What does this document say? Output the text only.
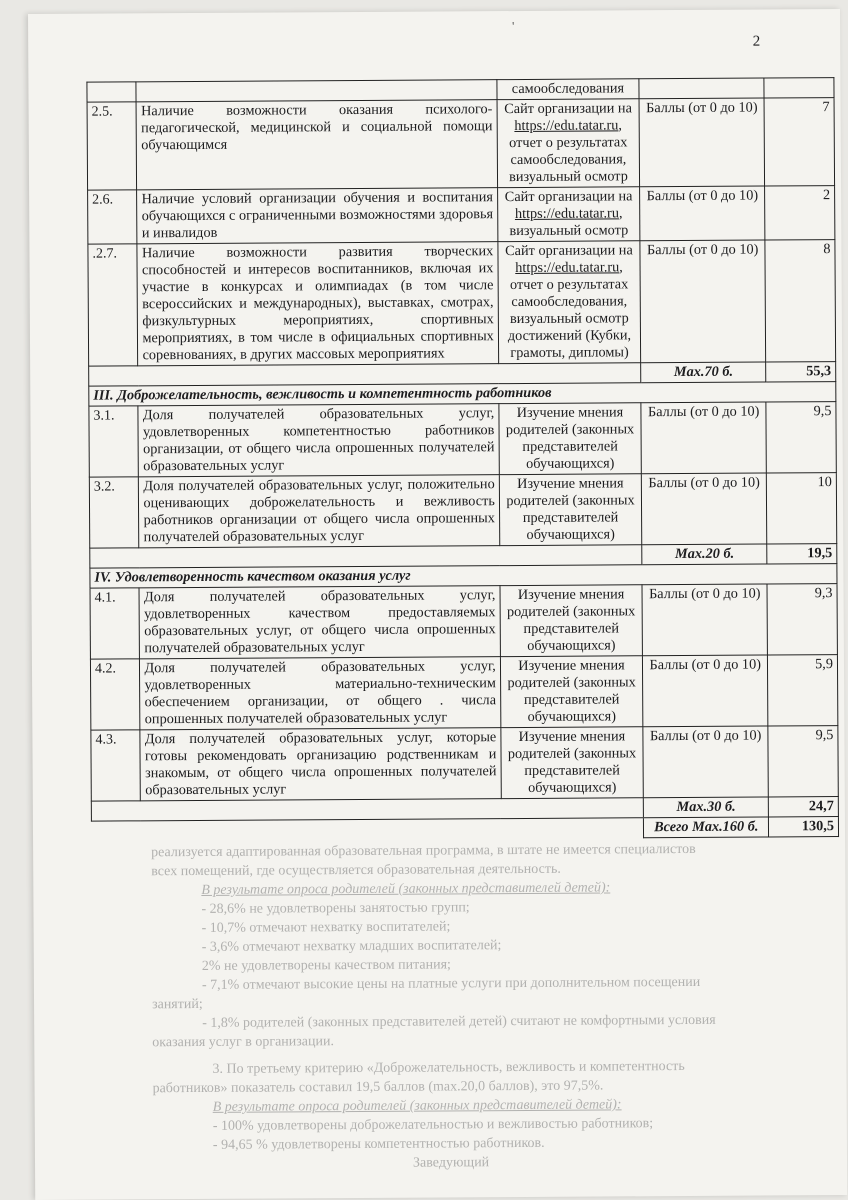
2
'
		самообследования		
2.5.	Наличие возможности оказания психолого-педагогической, медицинской и социальной помощи обучающимся	Сайт организации на https://edu.tatar.ru, отчет о результатах самообследования, визуальный осмотр	Баллы (от 0 до 10)	7
2.6.	Наличие условий организации обучения и воспитания обучающихся с ограниченными возможностями здоровья и инвалидов	Сайт организации на https://edu.tatar.ru, визуальный осмотр	Баллы (от 0 до 10)	2
.2.7.	Наличие возможности развития творческих способностей и интересов воспитанников, включая их участие в конкурсах и олимпиадах (в том числе всероссийских и международных), выставках, смотрах, физкультурных мероприятиях, спортивных мероприятиях, в том числе в официальных спортивных соревнованиях, в других массовых мероприятиях	Сайт организации на https://edu.tatar.ru, отчет о результатах самообследования, визуальный осмотр достижений (Кубки, грамоты, дипломы)	Баллы (от 0 до 10)	8
			Max.70 б.	55,3
III. Доброжелательность, вежливость и компетентность работников				
3.1.	Доля получателей образовательных услуг, удовлетворенных компетентностью работников организации, от общего числа опрошенных получателей образовательных услуг	Изучение мнения родителей (законных представителей обучающихся)	Баллы (от 0 до 10)	9,5
3.2.	Доля получателей образовательных услуг, положительно оценивающих доброжелательность и вежливость работников организации от общего числа опрошенных получателей образовательных услуг	Изучение мнения родителей (законных представителей обучающихся)	Баллы (от 0 до 10)	10
			Max.20 б.	19,5
IV. Удовлетворенность качеством оказания услуг				
4.1.	Доля получателей образовательных услуг, удовлетворенных качеством предоставляемых образовательных услуг, от общего числа опрошенных получателей образовательных услуг	Изучение мнения родителей (законных представителей обучающихся)	Баллы (от 0 до 10)	9,3
4.2.	Доля получателей образовательных услуг, удовлетворенных материально-техническим обеспечением организации, от общего . числа опрошенных получателей образовательных услуг	Изучение мнения родителей (законных представителей обучающихся)	Баллы (от 0 до 10)	5,9
4.3.	Доля получателей образовательных услуг, которые готовы рекомендовать организацию родственникам и знакомым, от общего числа опрошенных получателей образовательных услуг	Изучение мнения родителей (законных представителей обучающихся)	Баллы (от 0 до 10)	9,5
			Max.30 б.	24,7
			Всего Max.160 б.	130,5

реализуется адаптированная образовательная программа, в штате не имеется специалистов

всех помещений, где осуществляется образовательная деятельность.

В результате опроса родителей (законных представителей детей):

- 28,6% не удовлетворены занятостью групп;

- 10,7% отмечают нехватку воспитателей;

- 3,6% отмечают нехватку младших воспитателей;

2% не удовлетворены качеством питания;

- 7,1% отмечают высокие цены на платные услуги при дополнительном посещении

занятий;

- 1,8% родителей (законных представителей детей) считают не комфортными условия

оказания услуг в организации.

3. По третьему критерию «Доброжелательность, вежливость и компетентность

работников» показатель составил 19,5 баллов (max.20,0 баллов), это 97,5%.

В результате опроса родителей (законных представителей детей):

- 100% удовлетворены доброжелательностью и вежливостью работников;

- 94,65 % удовлетворены компетентностью работников.

Заведующий
